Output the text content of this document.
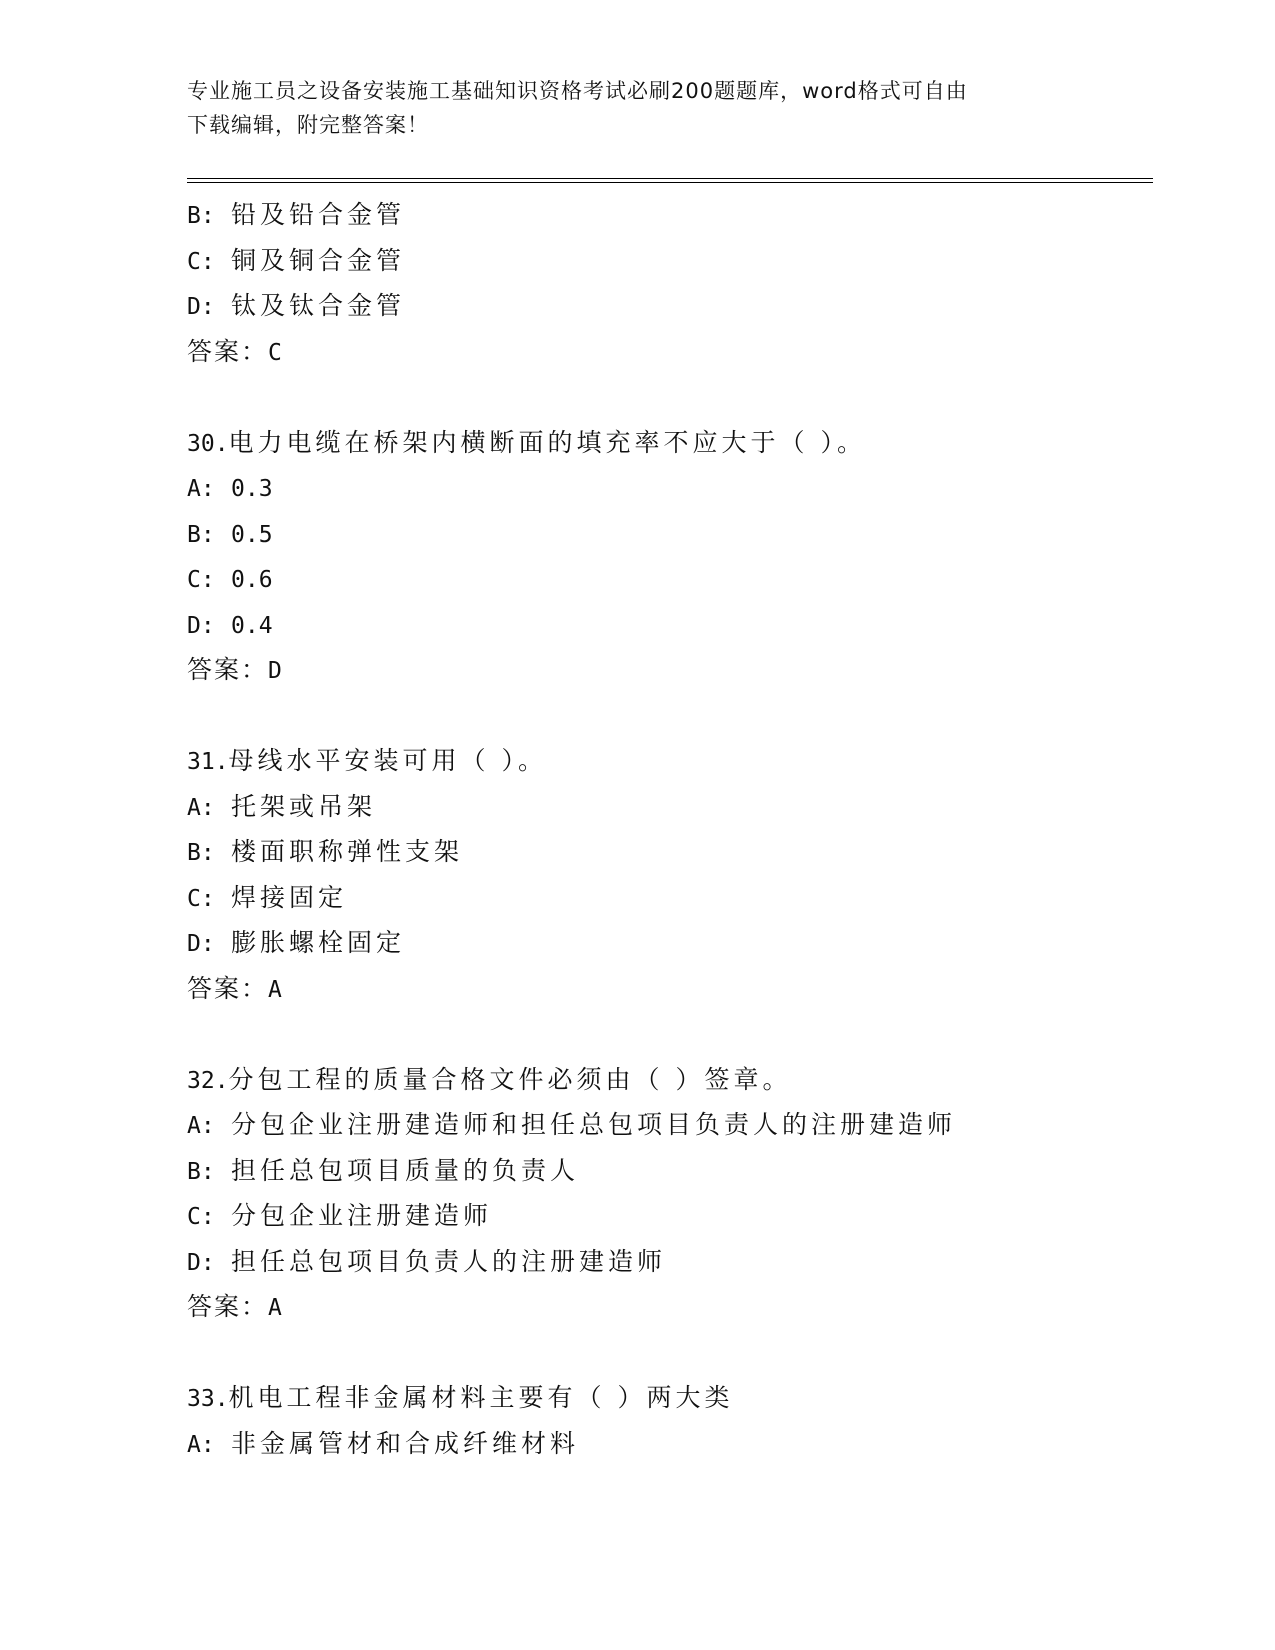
专业施工员之设备安装施工基础知识资格考试必刷200题题库，word格式可自由
下载编辑，附完整答案！
B: 铅及铅合金管
C: 铜及铜合金管
D: 钛及钛合金管
答案：C
30.电力电缆在桥架内横断面的填充率不应大于（ ）。
A: 0.3
B: 0.5
C: 0.6
D: 0.4
答案：D
31.母线水平安装可用（ ）。
A: 托架或吊架
B: 楼面职称弹性支架
C: 焊接固定
D: 膨胀螺栓固定
答案：A
32.分包工程的质量合格文件必须由（ ）签章。
A: 分包企业注册建造师和担任总包项目负责人的注册建造师
B: 担任总包项目质量的负责人
C: 分包企业注册建造师
D: 担任总包项目负责人的注册建造师
答案：A
33.机电工程非金属材料主要有（ ）两大类
A: 非金属管材和合成纤维材料
